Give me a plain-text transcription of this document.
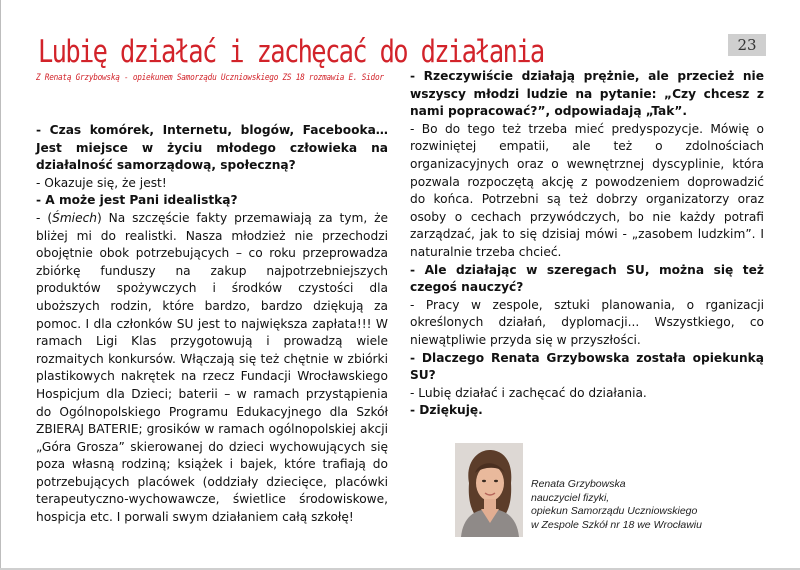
Lubię działać i zachęcać do działania
Z Renatą Grzybowską - opiekunem Samorządu Uczniowskiego ZS 18 rozmawia E. Sidor
23

- Czas komórek, Internetu, blogów, Facebooka… Jest miejsce w życiu młodego człowieka na działalność samorządową, społeczną?

- Okazuje się, że jest!

- A może jest Pani idealistką?

- (Śmiech) Na szczęście fakty przemawiają za tym, że bliżej mi do realistki. Nasza młodzież nie przechodzi obojętnie obok potrzebujących – co roku przeprowadza zbiórkę funduszy na zakup najpotrzebniejszych produktów spożywczych i środków czystości dla uboższych rodzin, które bardzo, bardzo dziękują za pomoc. I dla członków SU jest to największa zapłata!!! W ramach Ligi Klas przygotowują i prowadzą wiele rozmaitych konkursów. Włączają się też chętnie w zbiórki plastikowych nakrętek na rzecz Fundacji Wrocławskiego Hospicjum dla Dzieci; baterii – w ramach przystąpienia do Ogólnopolskiego Programu Edukacyjnego dla Szkół ZBIERAJ BATERIE; grosików w ramach ogólnopolskiej akcji „Góra Grosza” skierowanej do dzieci wychowujących się poza własną rodziną; książek i bajek, które trafiają do potrzebujących placówek (oddziały dziecięce, placówki terapeutyczno-wychowawcze, świetlice środowiskowe, hospicja etc. I porwali swym działaniem całą szkołę!

- Rzeczywiście działają prężnie, ale przecież nie wszyscy młodzi ludzie na pytanie: „Czy chcesz z nami popracować?”, odpowiadają „Tak”.

- Bo do tego też trzeba mieć predyspozycje. Mówię o rozwiniętej empatii, ale też o zdolnościach organizacyjnych oraz o wewnętrznej dyscyplinie, która pozwala rozpoczętą akcję z powodzeniem doprowadzić do końca. Potrzebni są też dobrzy organizatorzy oraz osoby o cechach przywódczych, bo nie każdy potrafi zarządzać, jak to się dzisiaj mówi - „zasobem ludzkim”. I naturalnie trzeba chcieć.

- Ale działając w szeregach SU, można się też czegoś nauczyć?

- Pracy w zespole, sztuki planowania, o rganizacji określonych działań, dyplomacji... Wszystkiego, co niewątpliwie przyda się w przyszłości.

- Dlaczego Renata Grzybowska została opiekunką SU?

- Lubię działać i zachęcać do działania.

- Dziękuję.

Renata Grzybowska
nauczyciel fizyki,
opiekun Samorządu Uczniowskiego
w Zespole Szkół nr 18 we Wrocławiu
